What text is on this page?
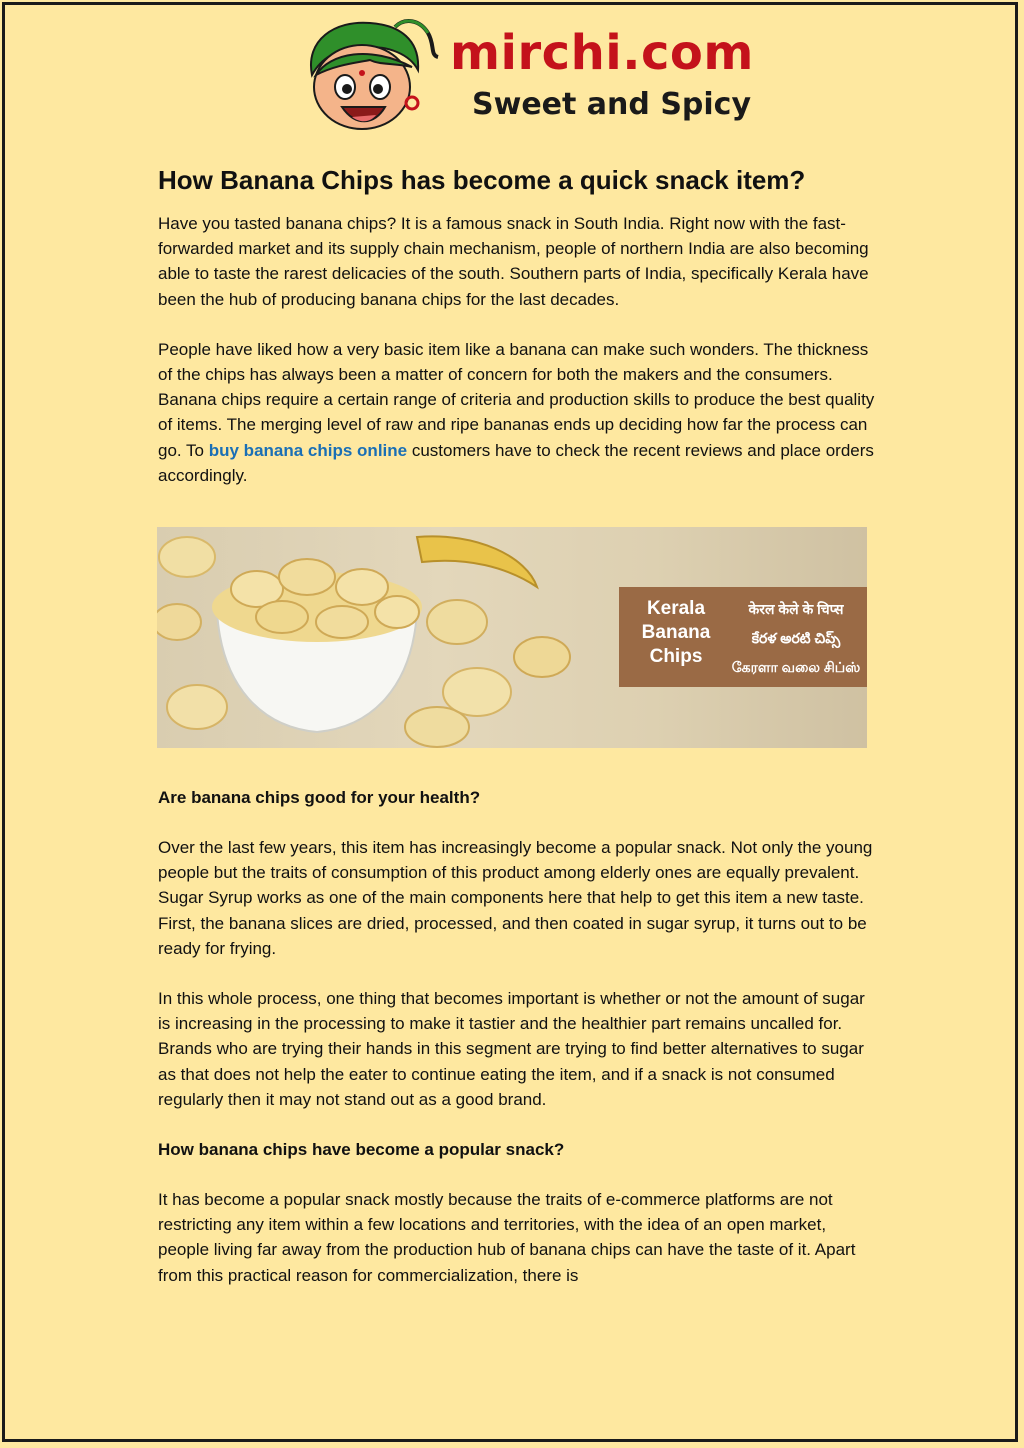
mirchi.com
Sweet and Spicy
How Banana Chips has become a quick snack item?

Have you tasted banana chips? It is a famous snack in South India. Right now with the fast-forwarded market and its supply chain mechanism, people of northern India are also becoming able to taste the rarest delicacies of the south. Southern parts of India, specifically Kerala have been the hub of producing banana chips for the last decades.

People have liked how a very basic item like a banana can make such wonders. The thickness of the chips has always been a matter of concern for both the makers and the consumers. Banana chips require a certain range of criteria and production skills to produce the best quality of items. The merging level of raw and ripe bananas ends up deciding how far the process can go. To buy banana chips online customers have to check the recent reviews and place orders accordingly.

Kerala Banana Chips
केरल केले के चिप्स
కేరళ అరటి చిప్స్
கேரளா வலை சிப்ஸ்
Are banana chips good for your health?

Over the last few years, this item has increasingly become a popular snack. Not only the young people but the traits of consumption of this product among elderly ones are equally prevalent. Sugar Syrup works as one of the main components here that help to get this item a new taste. First, the banana slices are dried, processed, and then coated in sugar syrup, it turns out to be ready for frying.

In this whole process, one thing that becomes important is whether or not the amount of sugar is increasing in the processing to make it tastier and the healthier part remains uncalled for. Brands who are trying their hands in this segment are trying to find better alternatives to sugar as that does not help the eater to continue eating the item, and if a snack is not consumed regularly then it may not stand out as a good brand.

How banana chips have become a popular snack?

It has become a popular snack mostly because the traits of e-commerce platforms are not restricting any item within a few locations and territories, with the idea of an open market, people living far away from the production hub of banana chips can have the taste of it. Apart from this practical reason for commercialization, there is
